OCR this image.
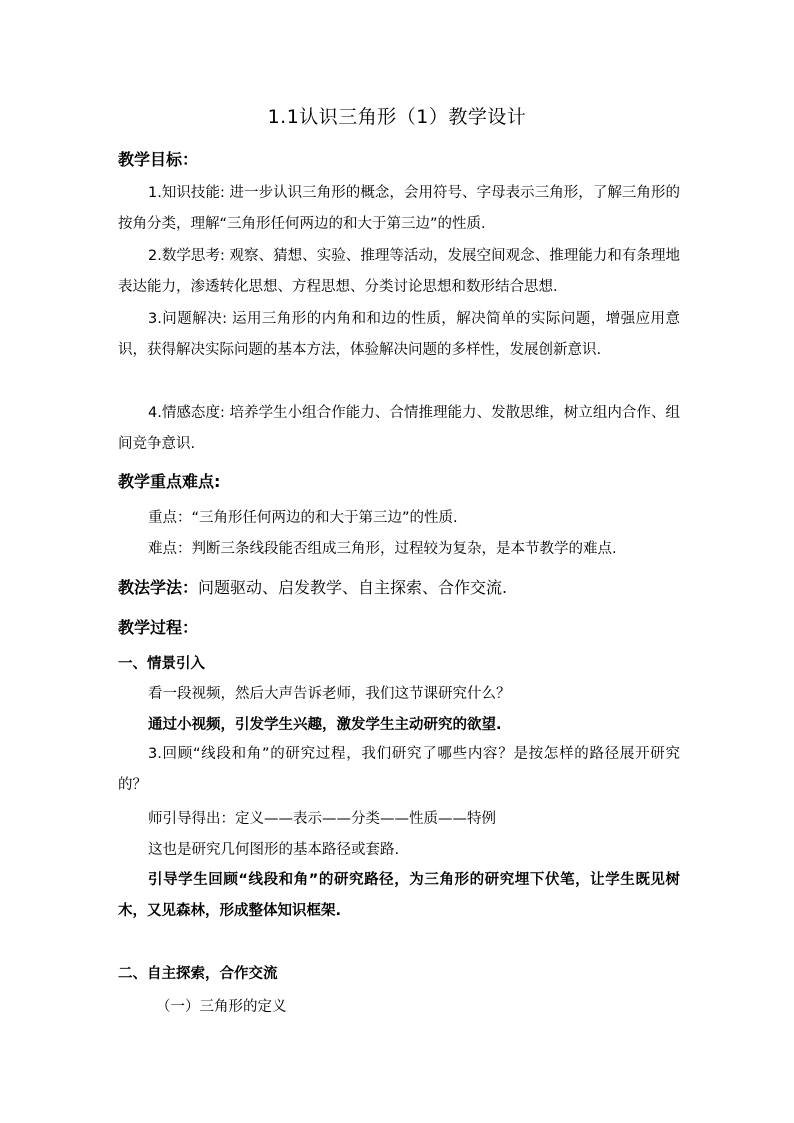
1.1认识三角形（1）教学设计
教学目标：
1.知识技能: 进一步认识三角形的概念，会用符号、字母表示三角形，了解三角形的按角分类，理解“三角形任何两边的和大于第三边”的性质.
2.数学思考: 观察、猜想、实验、推理等活动，发展空间观念、推理能力和有条理地表达能力，渗透转化思想、方程思想、分类讨论思想和数形结合思想.
3.问题解决: 运用三角形的内角和和边的性质，解决简单的实际问题，增强应用意识，获得解决实际问题的基本方法，体验解决问题的多样性，发展创新意识.
4.情感态度: 培养学生小组合作能力、合情推理能力、发散思维，树立组内合作、组间竞争意识.
教学重点难点:
重点：“三角形任何两边的和大于第三边”的性质.
难点：判断三条线段能否组成三角形，过程较为复杂，是本节教学的难点.
教法学法：问题驱动、启发教学、自主探索、合作交流.
教学过程：
一、情景引入
看一段视频，然后大声告诉老师，我们这节课研究什么？
通过小视频，引发学生兴趣，激发学生主动研究的欲望.
3.回顾“线段和角”的研究过程，我们研究了哪些内容？是按怎样的路径展开研究的？
师引导得出：定义——表示——分类——性质——特例
这也是研究几何图形的基本路径或套路.
引导学生回顾“线段和角”的研究路径，为三角形的研究埋下伏笔，让学生既见树木，又见森林，形成整体知识框架.
二、自主探索，合作交流
（一）三角形的定义
